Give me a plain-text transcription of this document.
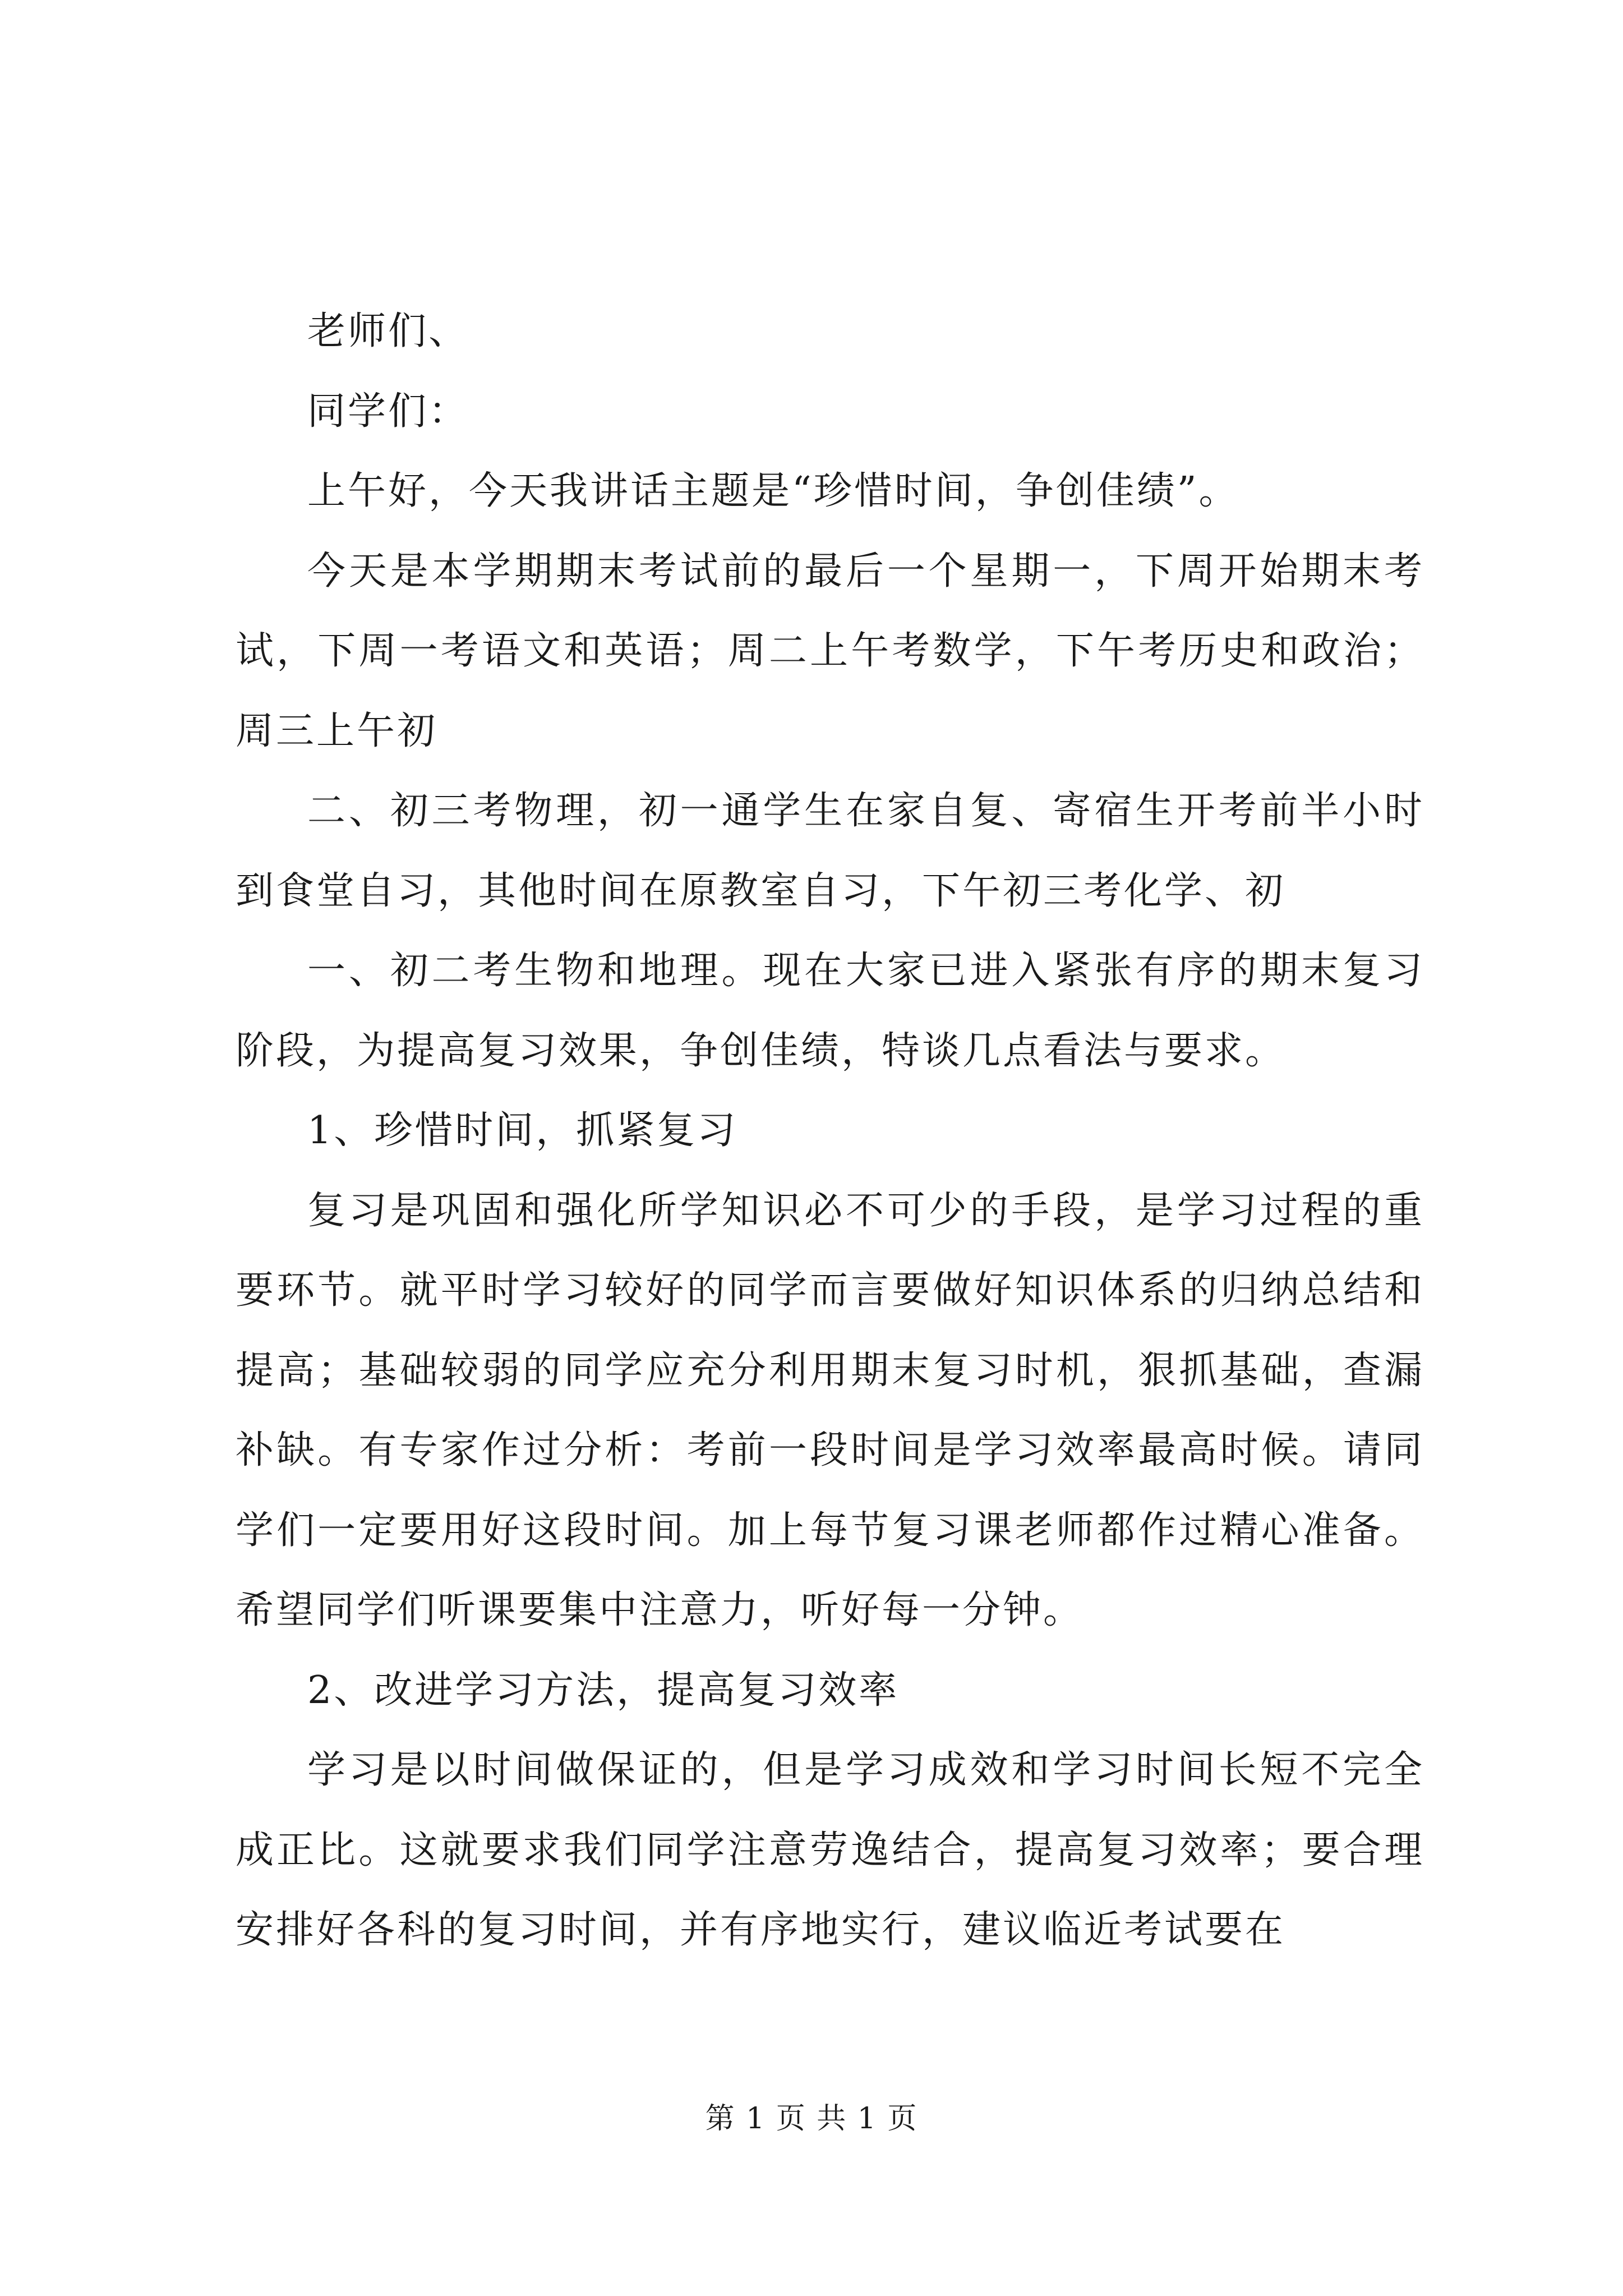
老师们、

同学们：

上午好，今天我讲话主题是“珍惜时间，争创佳绩”。

今天是本学期期末考试前的最后一个星期一，下周开始期末考试，下周一考语文和英语；周二上午考数学，下午考历史和政治；周三上午初

二、初三考物理，初一通学生在家自复、寄宿生开考前半小时到食堂自习，其他时间在原教室自习，下午初三考化学、初

一、初二考生物和地理。现在大家已进入紧张有序的期末复习阶段，为提高复习效果，争创佳绩，特谈几点看法与要求。

1、珍惜时间，抓紧复习

复习是巩固和强化所学知识必不可少的手段，是学习过程的重要环节。就平时学习较好的同学而言要做好知识体系的归纳总结和提高；基础较弱的同学应充分利用期末复习时机，狠抓基础，查漏补缺。有专家作过分析：考前一段时间是学习效率最高时候。请同学们一定要用好这段时间。加上每节复习课老师都作过精心准备。希望同学们听课要集中注意力，听好每一分钟。

2、改进学习方法，提高复习效率

学习是以时间做保证的，但是学习成效和学习时间长短不完全成正比。这就要求我们同学注意劳逸结合，提高复习效率；要合理安排好各科的复习时间，并有序地实行，建议临近考试要在

第 1 页 共 1 页
